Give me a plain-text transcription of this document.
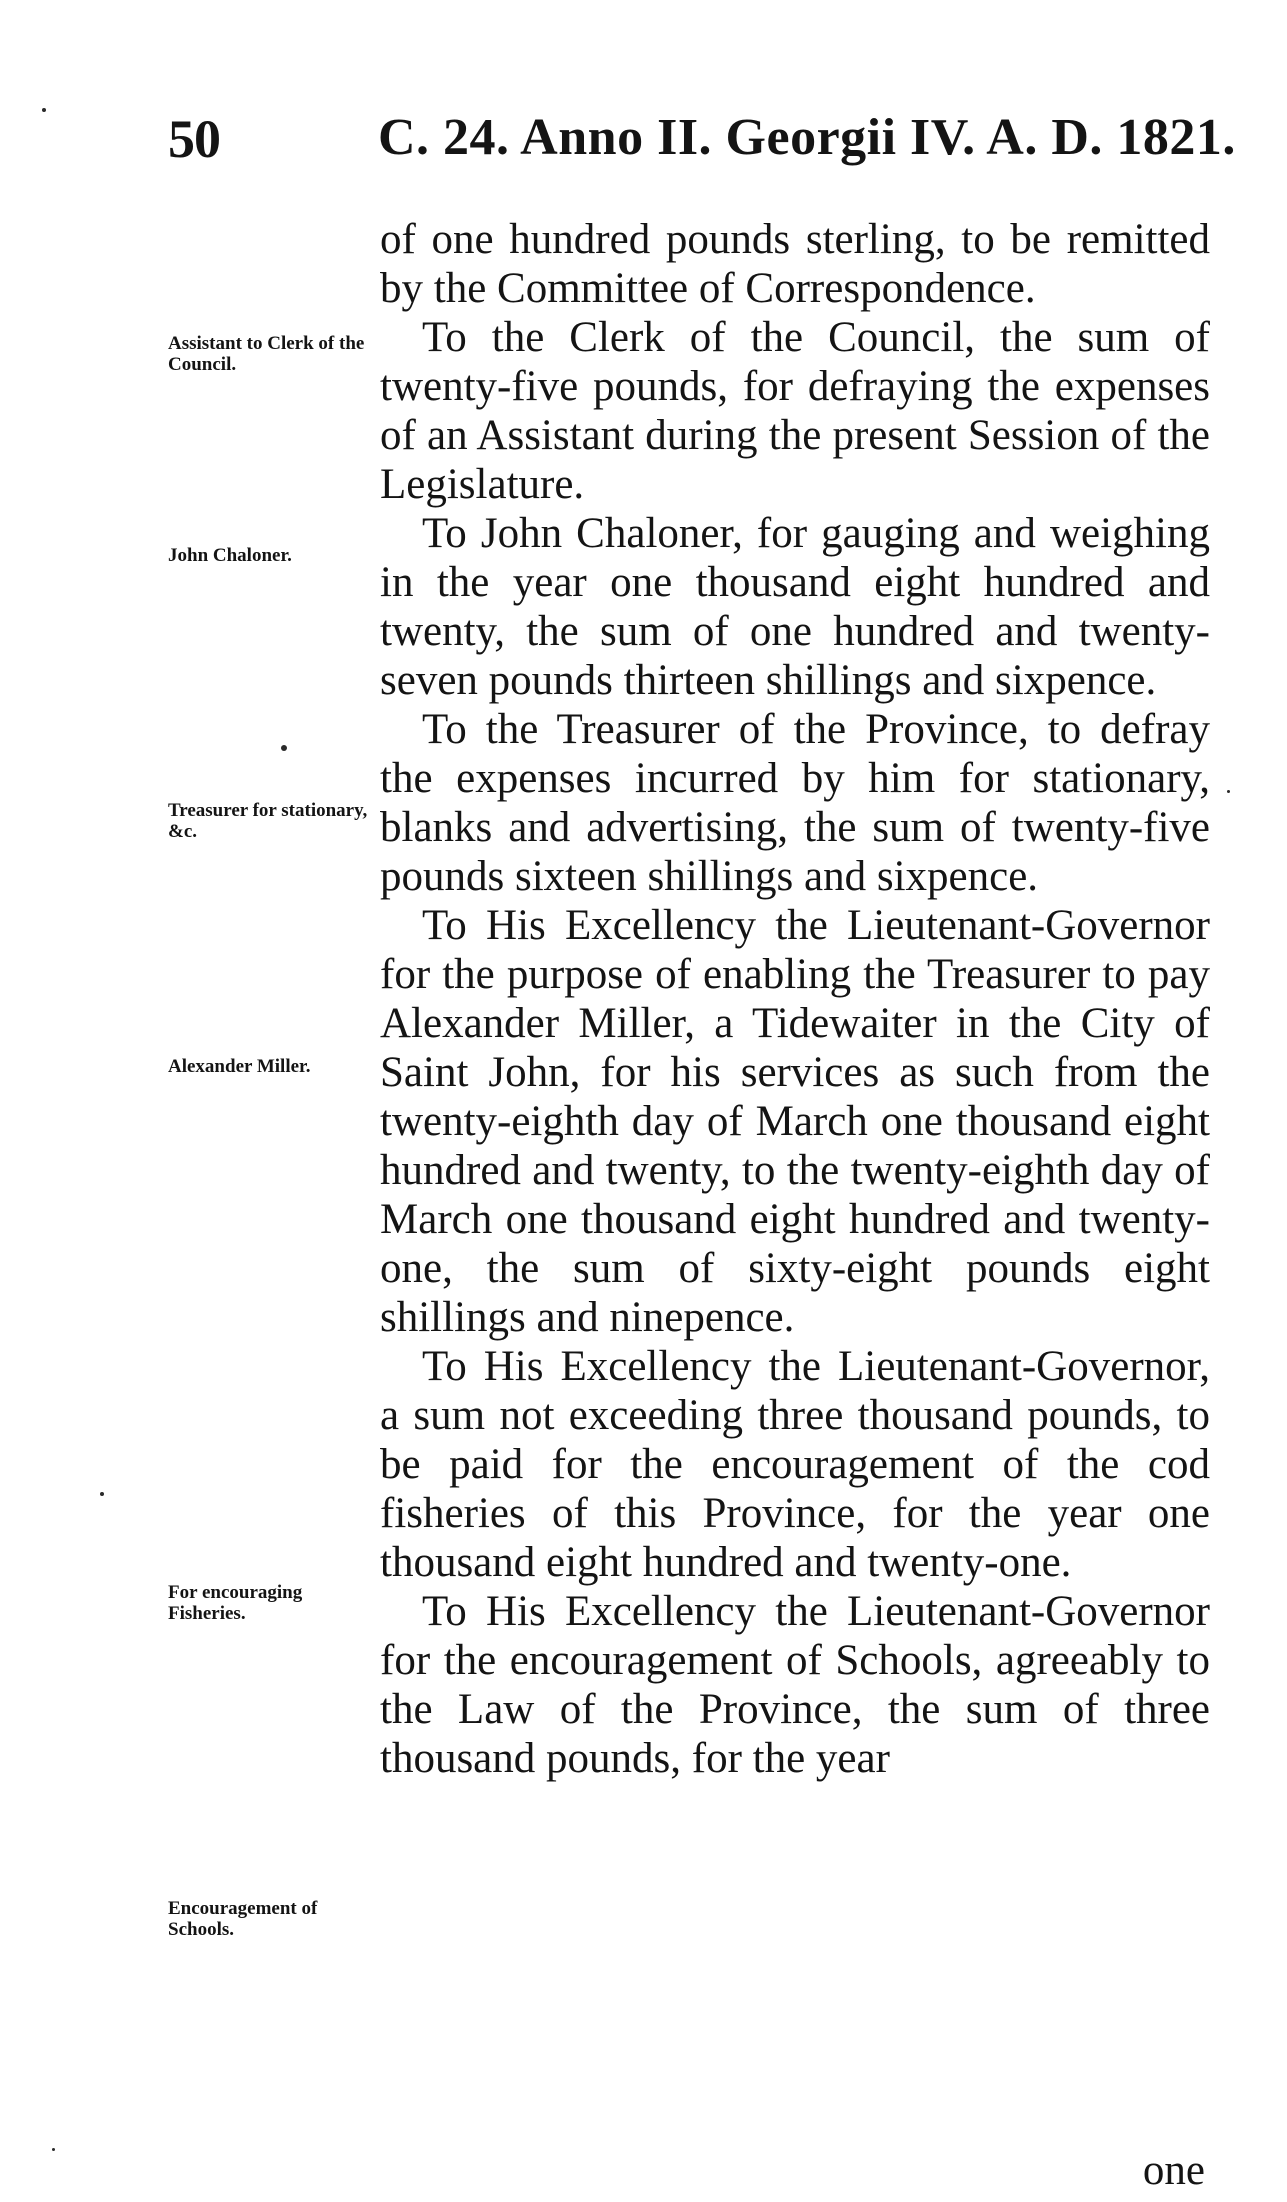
50	C. 24. Anno II. Georgii IV. A. D. 1821.
Assistant to Clerk of the Council.
John Chaloner.
Treasurer for stationary, &c.
Alexander Miller.
For encouraging Fisheries.
Encouragement of Schools.

of one hundred pounds sterling, to be remitted by the Committee of Correspondence.

To the Clerk of the Council, the sum of twenty-five pounds, for defraying the expenses of an Assistant during the present Session of the Legislature.

To John Chaloner, for gauging and weighing in the year one thousand eight hundred and twenty, the sum of one hundred and twenty-seven pounds thirteen shillings and sixpence.

To the Treasurer of the Province, to defray the expenses incurred by him for stationary, blanks and advertising, the sum of twenty-five pounds sixteen shillings and sixpence.

To His Excellency the Lieutenant-Governor for the purpose of enabling the Treasurer to pay Alexander Miller, a Tidewaiter in the City of Saint John, for his services as such from the twenty-eighth day of March one thousand eight hundred and twenty, to the twenty-eighth day of March one thousand eight hundred and twenty-one, the sum of sixty-eight pounds eight shillings and ninepence.

To His Excellency the Lieutenant-Governor, a sum not exceeding three thousand pounds, to be paid for the encouragement of the cod fisheries of this Province, for the year one thousand eight hundred and twenty-one.

To His Excellency the Lieutenant-Governor for the encouragement of Schools, agreeably to the Law of the Province, the sum of three thousand pounds, for the year

one
